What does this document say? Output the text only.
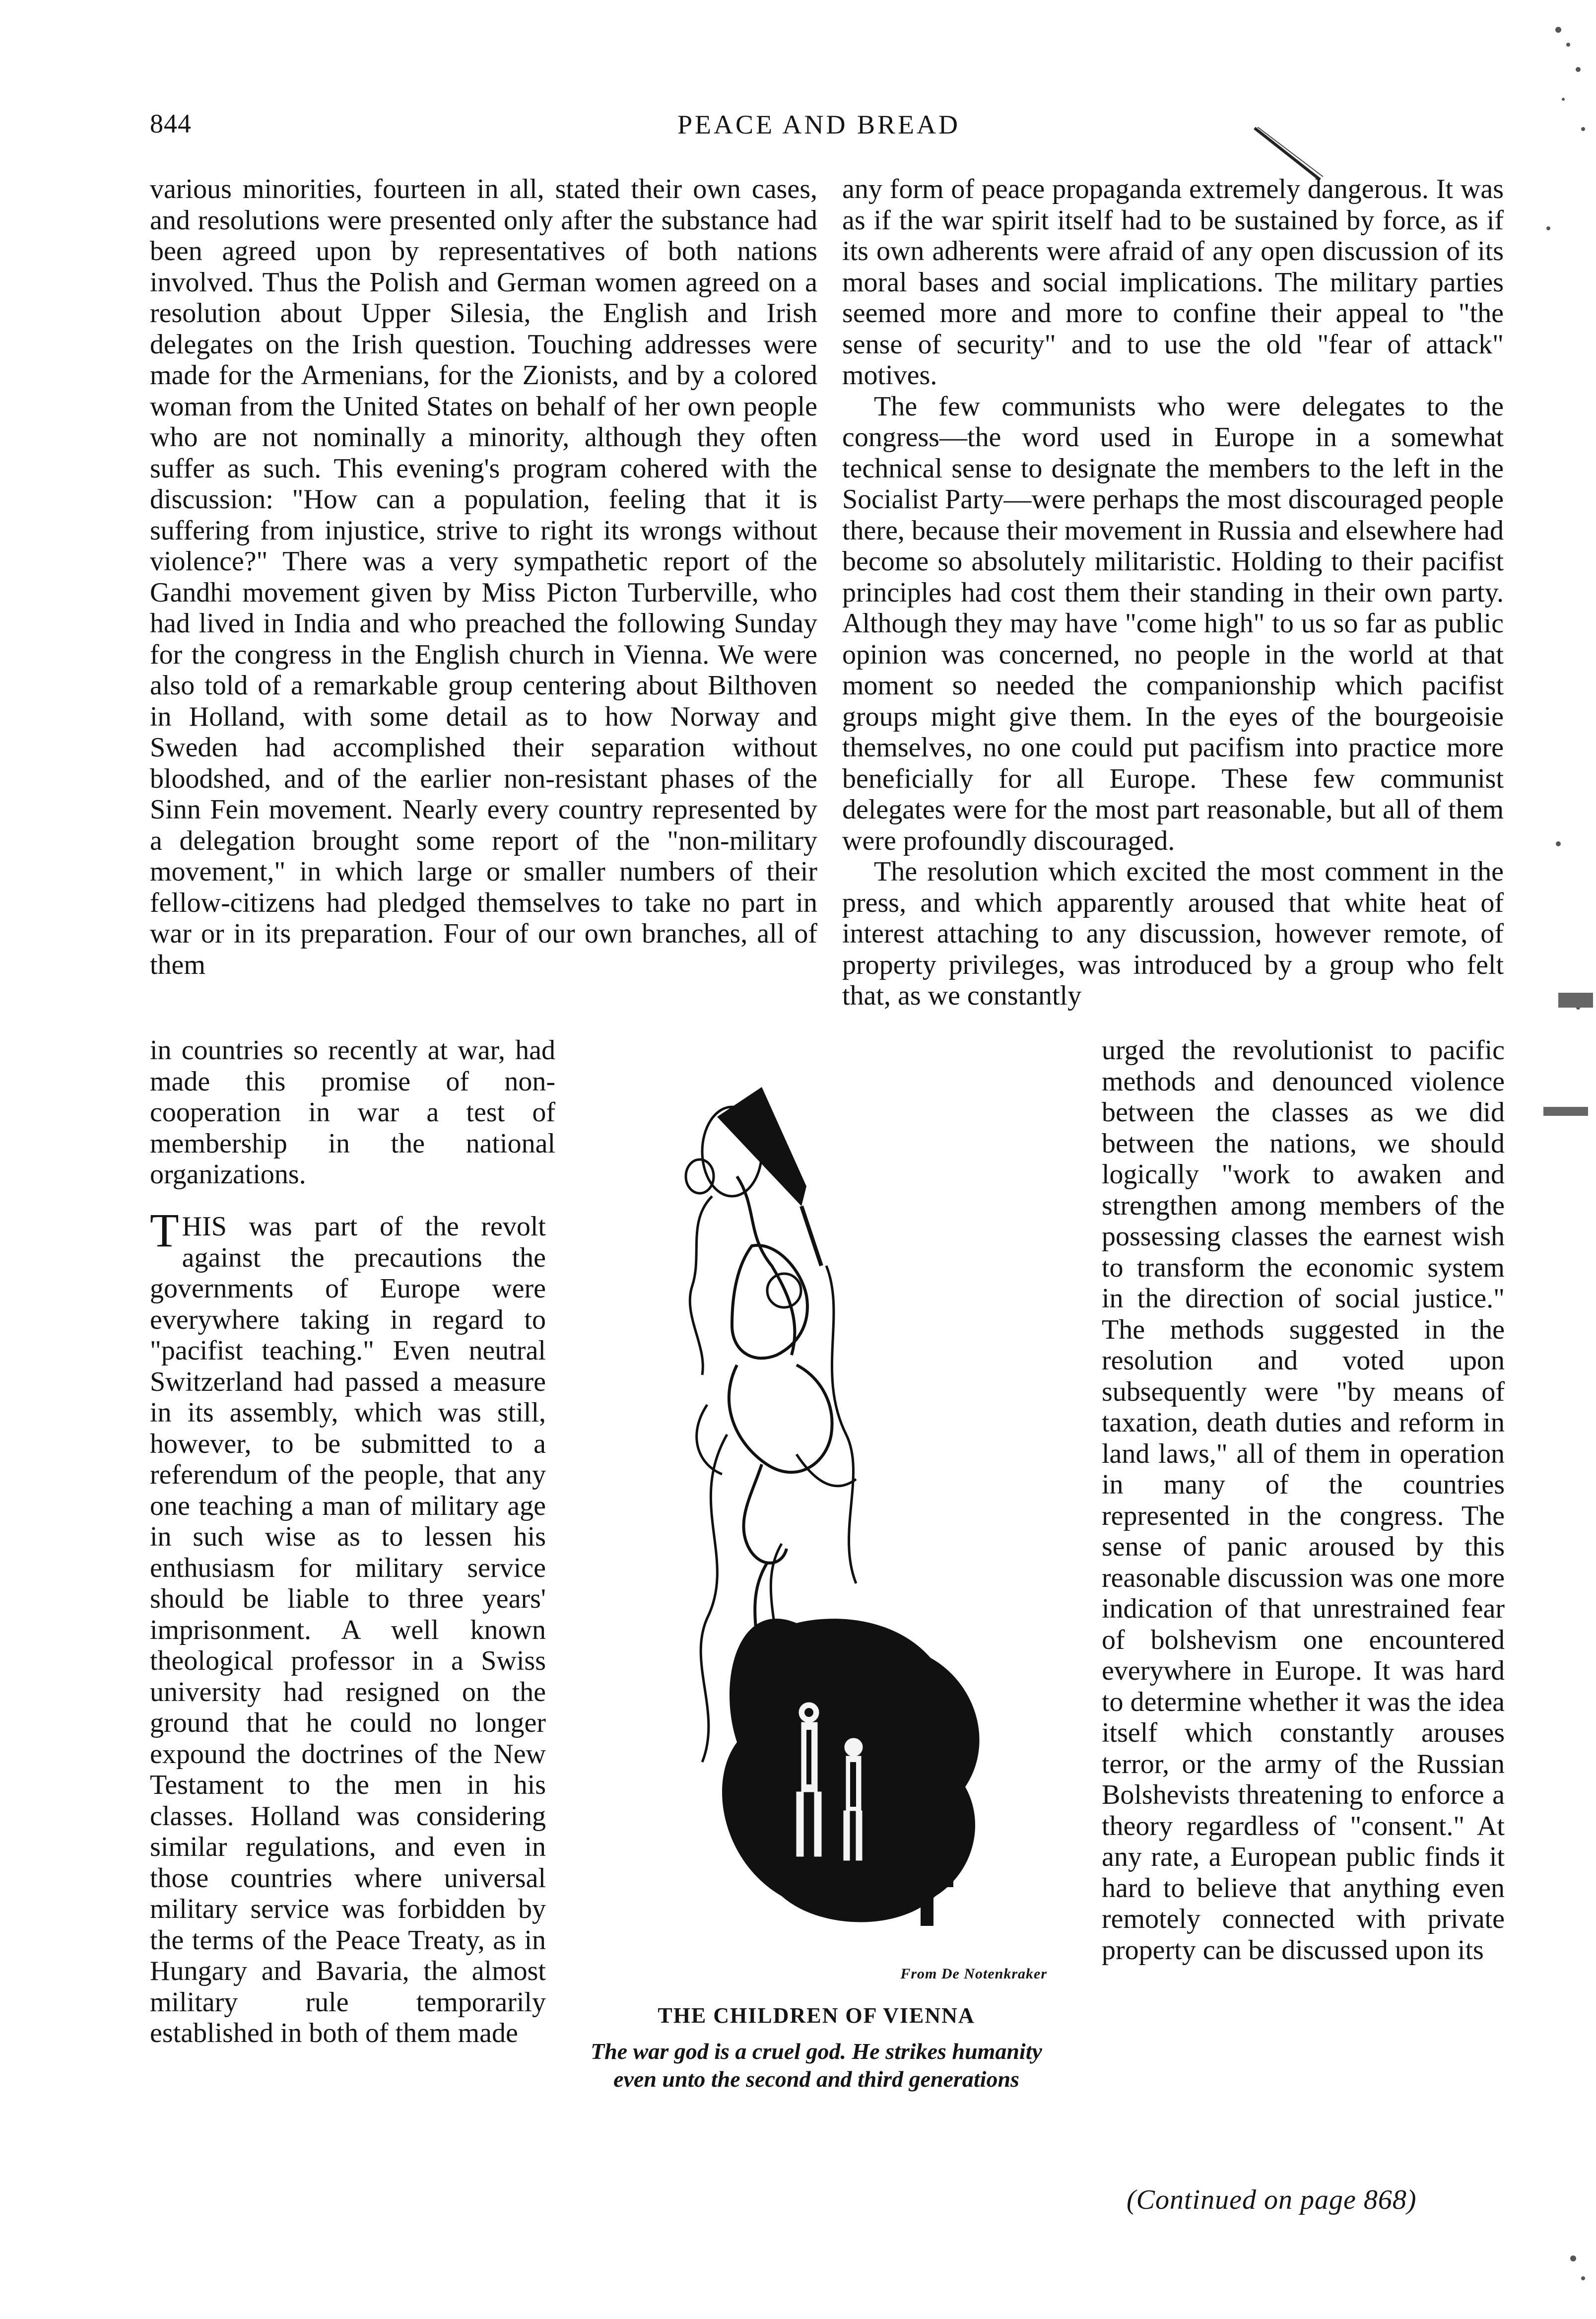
844	PEACE AND BREAD

various minorities, fourteen in all, stated their own cases, and resolutions were presented only after the substance had been agreed upon by representatives of both nations involved. Thus the Polish and German women agreed on a resolution about Upper Silesia, the English and Irish delegates on the Irish question. Touching addresses were made for the Armenians, for the Zionists, and by a colored woman from the United States on behalf of her own people who are not nominally a minority, although they often suffer as such. This evening's program cohered with the discussion: "How can a population, feeling that it is suffering from injustice, strive to right its wrongs without violence?" There was a very sympathetic report of the Gandhi movement given by Miss Picton Turberville, who had lived in India and who preached the following Sunday for the congress in the English church in Vienna. We were also told of a remarkable group centering about Bilthoven in Holland, with some detail as to how Norway and Sweden had accomplished their separation without bloodshed, and of the earlier non-resistant phases of the Sinn Fein movement. Nearly every country represented by a delegation brought some report of the "non-military movement," in which large or smaller numbers of their fellow-citizens had pledged themselves to take no part in war or in its preparation. Four of our own branches, all of them

in countries so recently at war, had made this promise of non-cooperation in war a test of membership in the national organizations.

THIS was part of the revolt against the precautions the governments of Europe were everywhere taking in regard to "pacifist teaching." Even neutral Switzerland had passed a measure in its assembly, which was still, however, to be submitted to a referendum of the people, that any one teaching a man of military age in such wise as to lessen his enthusiasm for military service should be liable to three years' imprisonment. A well known theological professor in a Swiss university had resigned on the ground that he could no longer expound the doctrines of the New Testament to the men in his classes. Holland was considering similar regulations, and even in those countries where universal military service was forbidden by the terms of the Peace Treaty, as in Hungary and Bavaria, the almost military rule temporarily established in both of them made

any form of peace propaganda extremely dangerous. It was as if the war spirit itself had to be sustained by force, as if its own adherents were afraid of any open discussion of its moral bases and social implications. The military parties seemed more and more to confine their appeal to "the sense of security" and to use the old "fear of attack" motives.

The few communists who were delegates to the congress—the word used in Europe in a somewhat technical sense to designate the members to the left in the Socialist Party—were perhaps the most discouraged people there, because their movement in Russia and elsewhere had become so absolutely militaristic. Holding to their pacifist principles had cost them their standing in their own party. Although they may have "come high" to us so far as public opinion was concerned, no people in the world at that moment so needed the companionship which pacifist groups might give them. In the eyes of the bourgeoisie themselves, no one could put pacifism into practice more beneficially for all Europe. These few communist delegates were for the most part reasonable, but all of them were profoundly discouraged.

The resolution which excited the most comment in the press, and which apparently aroused that white heat of interest attaching to any discussion, however remote, of property privileges, was introduced by a group who felt that, as we constantly

urged the revolutionist to pacific methods and denounced violence between the classes as we did between the nations, we should logically "work to awaken and strengthen among members of the possessing classes the earnest wish to transform the economic system in the direction of social justice." The methods suggested in the resolution and voted upon subsequently were "by means of taxation, death duties and reform in land laws," all of them in operation in many of the countries represented in the congress. The sense of panic aroused by this reasonable discussion was one more indication of that unrestrained fear of bolshevism one encountered everywhere in Europe. It was hard to determine whether it was the idea itself which constantly arouses terror, or the army of the Russian Bolshevists threatening to enforce a theory regardless of "consent." At any rate, a European public finds it hard to believe that anything even remotely connected with private property can be discussed upon its

(Continued on page 868)
From De Notenkraker
THE CHILDREN OF VIENNA
The war god is a cruel god. He strikes humanity even unto the second and third generations
